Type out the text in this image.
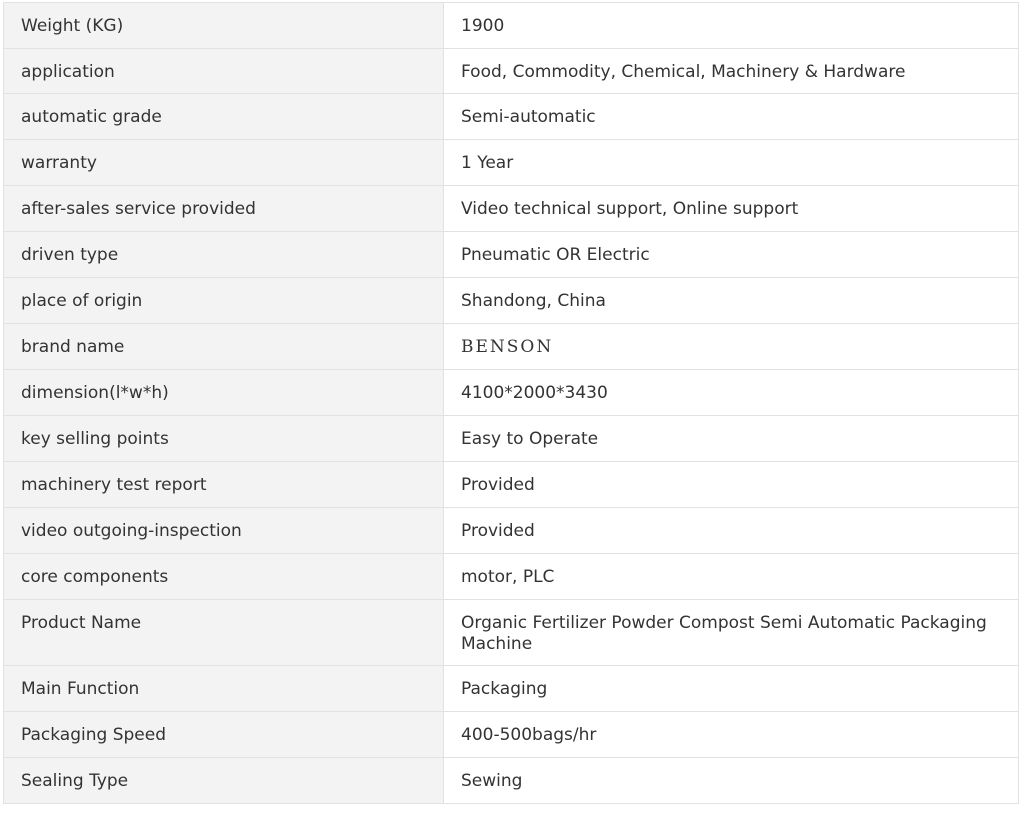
Weight (KG)	1900
application	Food, Commodity, Chemical, Machinery & Hardware
automatic grade	Semi-automatic
warranty	1 Year
after-sales service provided	Video technical support, Online support
driven type	Pneumatic OR Electric
place of origin	Shandong, China
brand name	BENSON
dimension(l*w*h)	4100*2000*3430
key selling points	Easy to Operate
machinery test report	Provided
video outgoing-inspection	Provided
core components	motor, PLC
Product Name	Organic Fertilizer Powder Compost Semi Automatic Packaging Machine
Main Function	Packaging
Packaging Speed	400-500bags/hr
Sealing Type	Sewing
